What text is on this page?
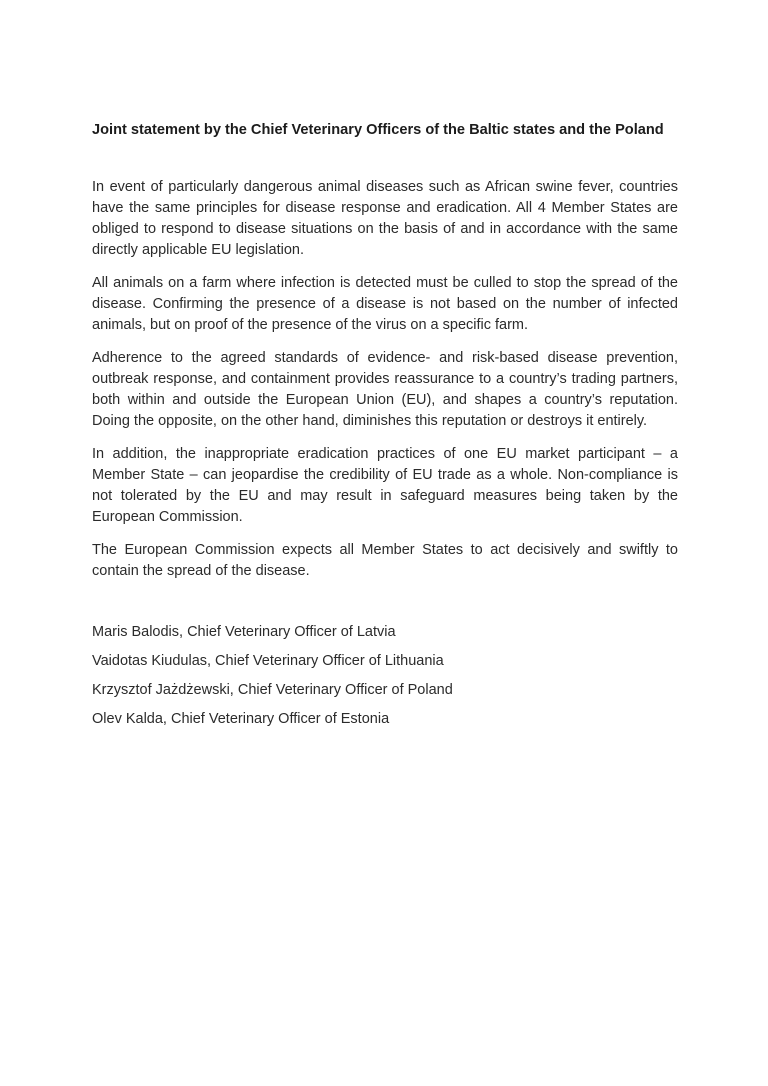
Joint statement by the Chief Veterinary Officers of the Baltic states and the Poland

In event of particularly dangerous animal diseases such as African swine fever, countries have the same principles for disease response and eradication. All 4 Member States are obliged to respond to disease situations on the basis of and in accordance with the same directly applicable EU legislation.

All animals on a farm where infection is detected must be culled to stop the spread of the disease. Confirming the presence of a disease is not based on the number of infected animals, but on proof of the presence of the virus on a specific farm.

Adherence to the agreed standards of evidence- and risk-based disease prevention, outbreak response, and containment provides reassurance to a country’s trading partners, both within and outside the European Union (EU), and shapes a country’s reputation. Doing the opposite, on the other hand, diminishes this reputation or destroys it entirely.

In addition, the inappropriate eradication practices of one EU market participant – a Member State – can jeopardise the credibility of EU trade as a whole. Non-compliance is not tolerated by the EU and may result in safeguard measures being taken by the European Commission.

The European Commission expects all Member States to act decisively and swiftly to contain the spread of the disease.

Maris Balodis, Chief Veterinary Officer of Latvia

Vaidotas Kiudulas, Chief Veterinary Officer of Lithuania

Krzysztof Jażdżewski, Chief Veterinary Officer of Poland

Olev Kalda, Chief Veterinary Officer of Estonia
